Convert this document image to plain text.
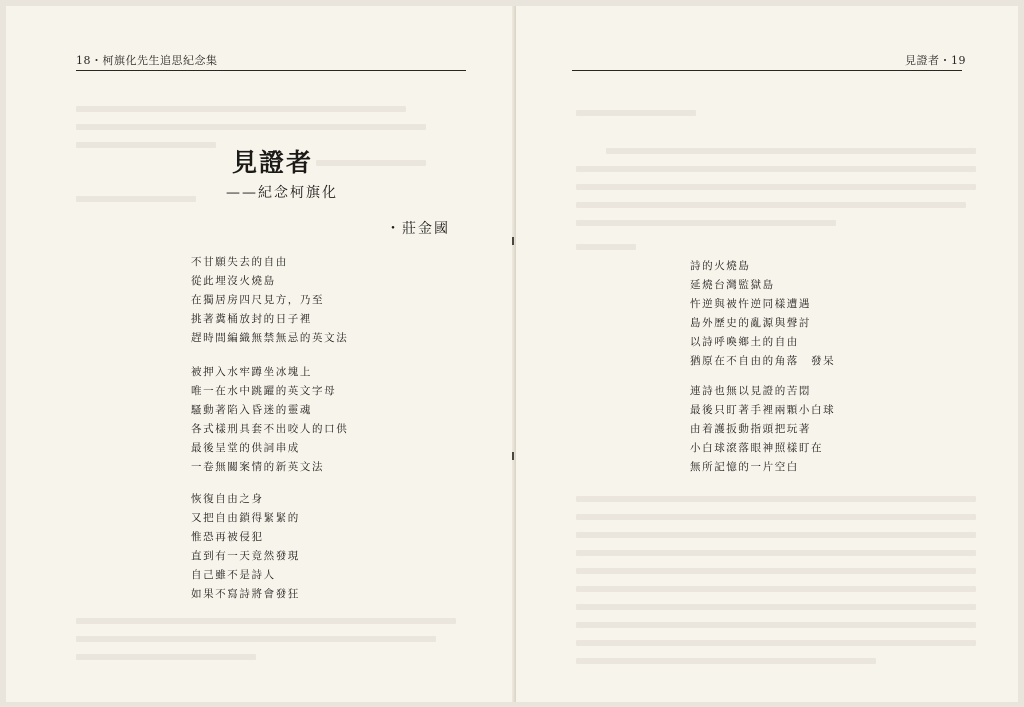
18・柯旗化先生追思紀念集
見證者
——紀念柯旗化
・莊金國
不甘願失去的自由
從此埋沒火燒島
在獨居房四尺見方，乃至
挑著糞桶放封的日子裡
趕時間編織無禁無忌的英文法
被押入水牢蹲坐冰塊上
唯一在水中跳躍的英文字母
騷動著陷入昏迷的靈魂
各式樣刑具套不出咬人的口供
最後呈堂的供詞串成
一卷無關案情的新英文法
恢復自由之身
又把自由鎖得緊緊的
惟恐再被侵犯
直到有一天竟然發現
自己雖不是詩人
如果不寫詩將會發狂
見證者・19
詩的火燒島
延燒台灣監獄島
忤逆與被忤逆同樣遭遇
島外歷史的亂源與聲討
以詩呼喚鄉土的自由
猶原在不自由的角落　發呆
連詩也無以見證的苦悶
最後只盯著手裡兩顆小白球
由着護扳動指頭把玩著
小白球滾落眼神照樣盯在
無所記憶的一片空白
